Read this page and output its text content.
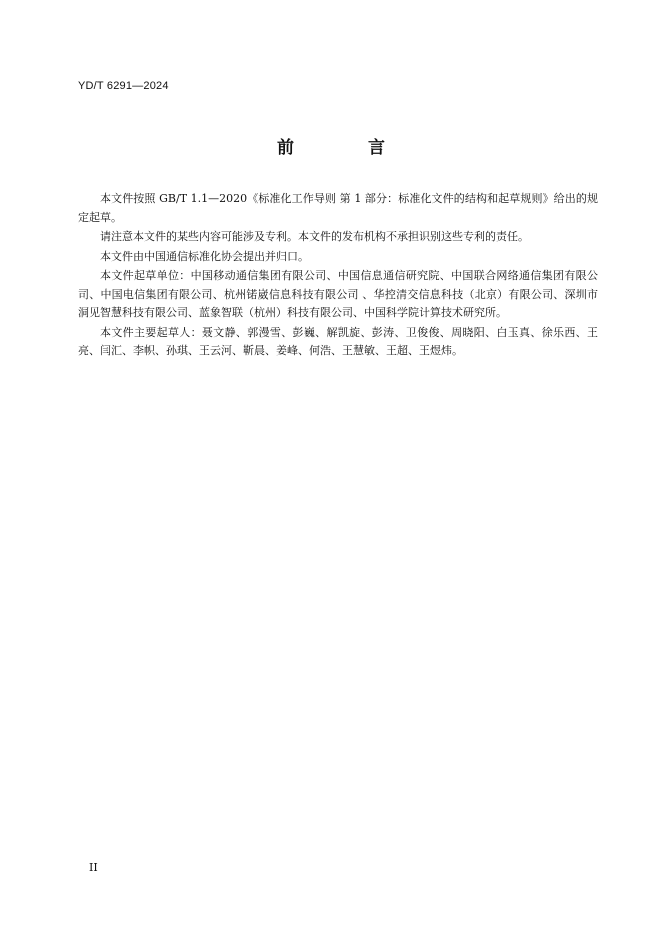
YD/T 6291—2024
前 言

本文件按照 GB/T 1.1—2020《标准化工作导则 第 1 部分：标准化文件的结构和起草规则》给出的规定起草。

请注意本文件的某些内容可能涉及专利。本文件的发布机构不承担识别这些专利的责任。

本文件由中国通信标准化协会提出并归口。

本文件起草单位：中国移动通信集团有限公司、中国信息通信研究院、中国联合网络通信集团有限公司、中国电信集团有限公司、杭州锘崴信息科技有限公司 、华控清交信息科技（北京）有限公司、深圳市洞见智慧科技有限公司、蓝象智联（杭州）科技有限公司、中国科学院计算技术研究所。

本文件主要起草人：聂文静、郭漫雪、彭巍、解凯旋、彭涛、卫俊俊、周晓阳、白玉真、徐乐西、王亮、闫汇、李帜、孙琪、王云河、靳晨、姜峰、何浩、王慧敏、王超、王煜炜。

II
